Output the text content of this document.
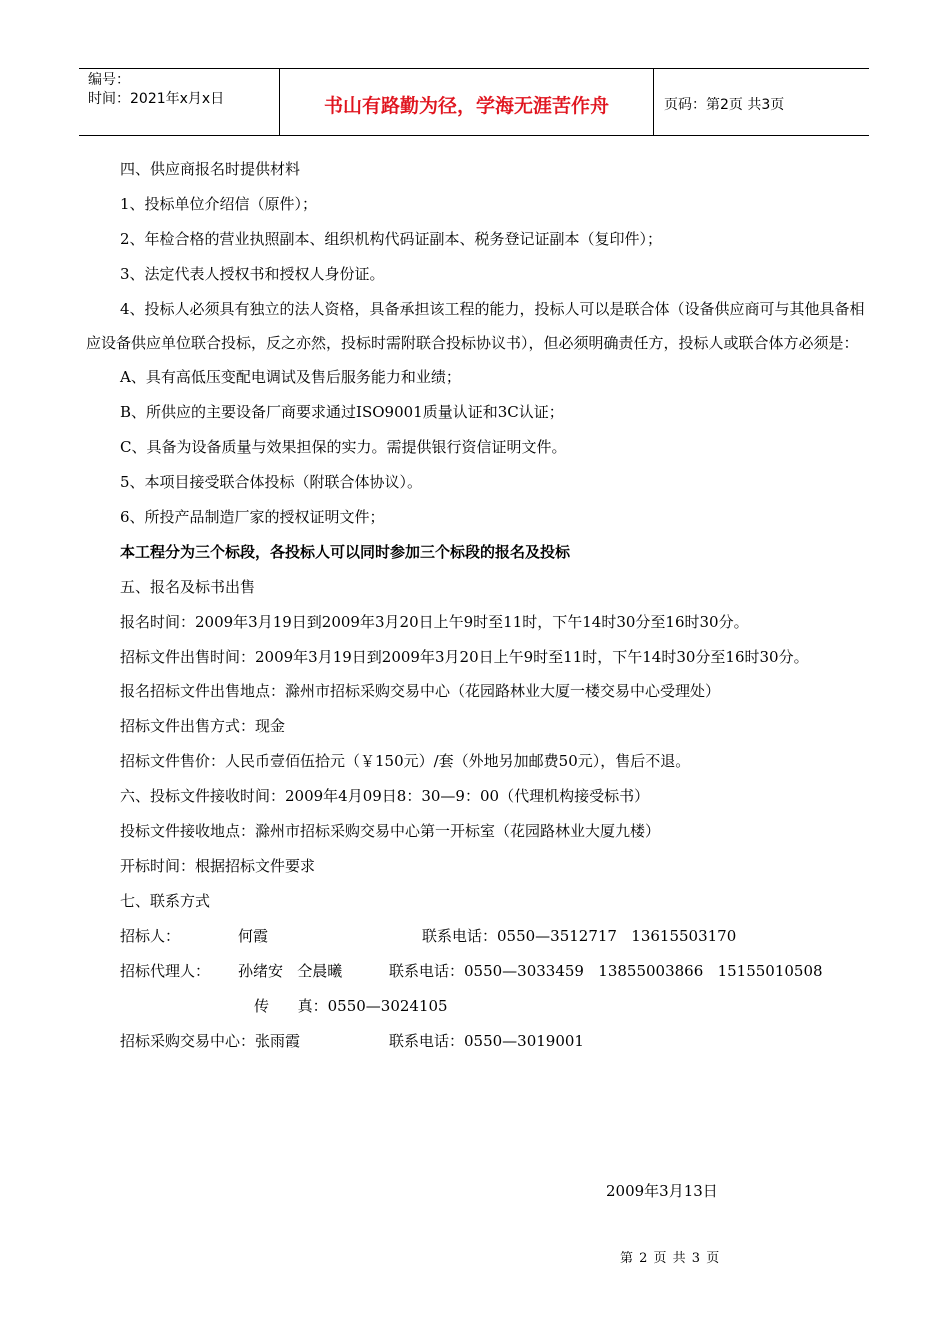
编号：
时间：2021年x月x日	书山有路勤为径，学海无涯苦作舟	页码：第2页 共3页

四、供应商报名时提供材料

1、投标单位介绍信（原件）；

2、年检合格的营业执照副本、组织机构代码证副本、税务登记证副本（复印件）；

3、法定代表人授权书和授权人身份证。

4、投标人必须具有独立的法人资格，具备承担该工程的能力，投标人可以是联合体（设备供应商可与其他具备相应设备供应单位联合投标，反之亦然，投标时需附联合投标协议书），但必须明确责任方，投标人或联合体方必须是：

A、具有高低压变配电调试及售后服务能力和业绩；

B、所供应的主要设备厂商要求通过ISO9001质量认证和3C认证；

C、具备为设备质量与效果担保的实力。需提供银行资信证明文件。

5、本项目接受联合体投标（附联合体协议）。

6、所投产品制造厂家的授权证明文件；

本工程分为三个标段，各投标人可以同时参加三个标段的报名及投标

五、报名及标书出售

报名时间：2009年3月19日到2009年3月20日上午9时至11时，下午14时30分至16时30分。

招标文件出售时间：2009年3月19日到2009年3月20日上午9时至11时，下午14时30分至16时30分。

报名招标文件出售地点：滁州市招标采购交易中心（花园路林业大厦一楼交易中心受理处）

招标文件出售方式：现金

招标文件售价：人民币壹佰伍拾元（￥150元）/套（外地另加邮费50元），售后不退。

六、投标文件接收时间：2009年4月09日8：30—9：00（代理机构接受标书）

投标文件接收地点：滁州市招标采购交易中心第一开标室（花园路林业大厦九楼）

开标时间：根据招标文件要求

七、联系方式

招标人：	何霞	联系电话：0550—3512717   13615503170
招标代理人： 孙绪安   仝晨曦	联系电话：0550—3033459   13855003866   15155010508
传      真：0550—3024105
招标采购交易中心：张雨霞	联系电话：0550—3019001
2009年3月13日
第 2 页 共 3 页
